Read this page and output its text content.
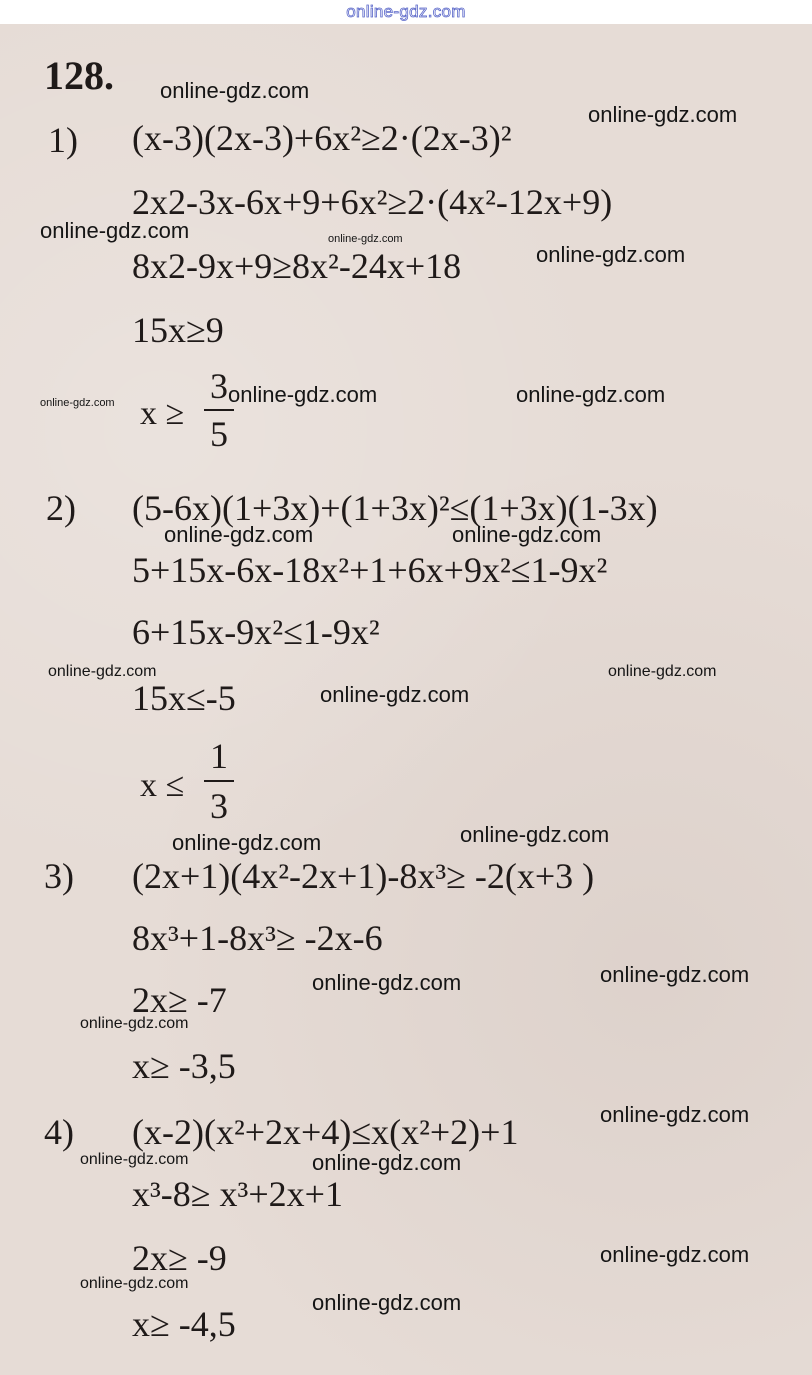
online-gdz.com
128.
1) (x-3)(2x-3)+6x²≥2·(2x-3)²
2x2-3x-6x+9+6x²≥2·(4x²-12x+9)
8x2-9x+9≥8x²-24x+18
15x≥9
x ≥
3
5
2) (5-6x)(1+3x)+(1+3x)²≤(1+3x)(1-3x)
5+15x-6x-18x²+1+6x+9x²≤1-9x²
6+15x-9x²≤1-9x²
15x≤-5
x ≤
1
3
3) (2x+1)(4x²-2x+1)-8x³≥ -2(x+3 )
8x³+1-8x³≥ -2x-6
2x≥ -7
x≥ -3,5
4) (x-2)(x²+2x+4)≤x(x²+2)+1
x³-8≥ x³+2x+1
2x≥ -9
x≥ -4,5
online-gdz.com
online-gdz.com
online-gdz.com	online-gdz.com
online-gdz.com
online-gdz.com	online-gdz.com	online-gdz.com
online-gdz.com	online-gdz.com
online-gdz.com	online-gdz.com
online-gdz.com
online-gdz.com	online-gdz.com
online-gdz.com
online-gdz.com
online-gdz.com
online-gdz.com
online-gdz.com	online-gdz.com
online-gdz.com
online-gdz.com
online-gdz.com
